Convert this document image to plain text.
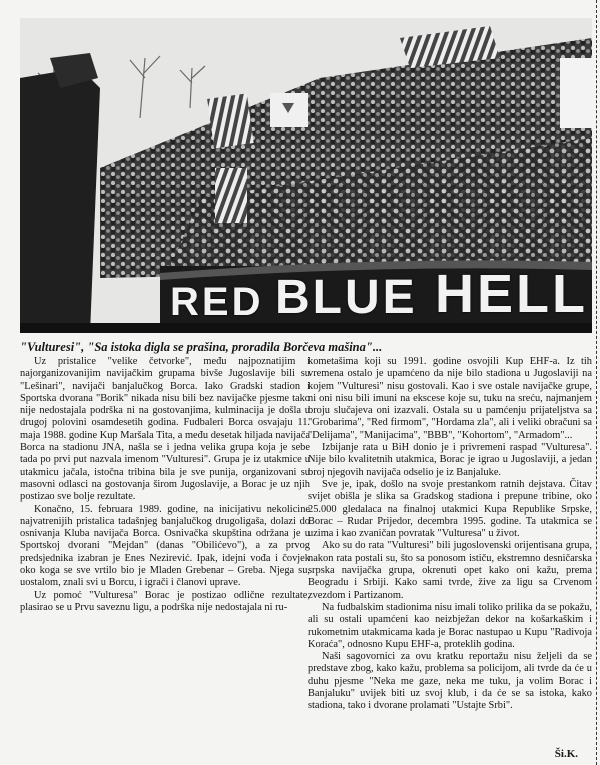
RED BLUE HELL
"Vulturesi", "Sa istoka digla se prašina, proradila Borčeva mašina"...

Uz pristalice "velike četvorke", među najpoznatijim i najorganizovanijim navijačkim grupama bivše Jugoslavije bili su "Lešinari", navijači banjalučkog Borca. Iako Gradski stadion i Sportska dvorana "Borik" nikada nisu bili bez navijačke pjesme tako nije nedostajala podrška ni na gostovanjima, kulminacija je došla u drugoj polovini osamdesetih godina. Fudbaleri Borca osvajaju 11. maja 1988. godine Kup Maršala Tita, a među desetak hiljada navijača Borca na stadionu JNA, našla se i jedna velika grupa koja je sebe tada po prvi put nazvala imenom "Vulturesi". Grupa je iz utakmice u utakmicu jačala, istočna tribina bila je sve punija, organizovani su masovni odlasci na gostovanja širom Jugoslavije, a Borac je uz njih postizao sve bolje rezultate.

Konačno, 15. februara 1989. godine, na inicijativu nekolicine najvatrenijih pristalica tadašnjeg banjalučkog drugoligaša, dolazi do osnivanja Kluba navijača Borca. Osnivačka skupština održana je u Sportskoj dvorani "Mejdan" (danas "Obilićevo"), a za prvog predsjednika izabran je Enes Nezirević. Ipak, idejni vođa i čovjek oko koga se sve vrtilo bio je Mladen Grebenar – Greba. Njega su, uostalom, znali svi u Borcu, i igrači i članovi uprave.

Uz pomoć "Vulturesa" Borac je postizao odlične rezultate, plasirao se u Prvu saveznu ligu, a podrška nije nedostajala ni ru-

kometašima koji su 1991. godine osvojili Kup EHF-a. Iz tih vremena ostalo je upamćeno da nije bilo stadiona u Jugoslaviji na kojem "Vulturesi" nisu gostovali. Kao i sve ostale navijačke grupe, ni oni nisu bili imuni na ekscese koje su, tuku na sreću, najmanjem broju slučajeva oni izazvali. Ostala su u pamćenju prijateljstva sa "Grobarima", "Red firmom", "Hordama zla", ali i veliki obračuni sa "Delijama", "Manijacima", "BBB", "Kohortom", "Armadom"...

Izbijanje rata u BiH donio je i privremeni raspad "Vulturesa". Nije bilo kvalitetnih utakmica, Borac je igrao u Jugoslaviji, a jedan broj njegovih navijača odselio je iz Banjaluke.

Sve je, ipak, došlo na svoje prestankom ratnih dejstava. Čitav svijet obišla je slika sa Gradskog stadiona i prepune tribine, oko 25.000 gledalaca na finalnoj utakmici Kupa Republike Srpske, Borac – Rudar Prijedor, decembra 1995. godine. Ta utakmica se uzima i kao zvaničan povratak "Vulturesa" u život.

Ako su do rata "Vulturesi" bili jugoslovenski orijentisana grupa, nakon rata postali su, što sa ponosom ističu, ekstremno desničarska srpska navijačka grupa, okrenuti opet kako oni kažu, prema Beogradu i Srbiji. Kako sami tvrde, žive za ligu sa Crvenom zvezdom i Partizanom.

Na fudbalskim stadionima nisu imali toliko prilika da se pokažu, ali su ostali upamćeni kao neizbježan dekor na košarkaškim i rukometnim utakmicama kada je Borac nastupao u Kupu "Radivoja Koraća", odnosno Kupu EHF-a, proteklih godina.

Naši sagovornici za ovu kratku reportažu nisu željeli da se predstave zbog, kako kažu, problema sa policijom, ali tvrde da će u duhu pjesme "Neka me gaze, neka me tuku, ja volim Borac i Banjaluku" uvijek biti uz svoj klub, i da će se sa istoka, kako stadiona, tako i dvorane prolamati "Ustajte Srbi".

Ši.K.
